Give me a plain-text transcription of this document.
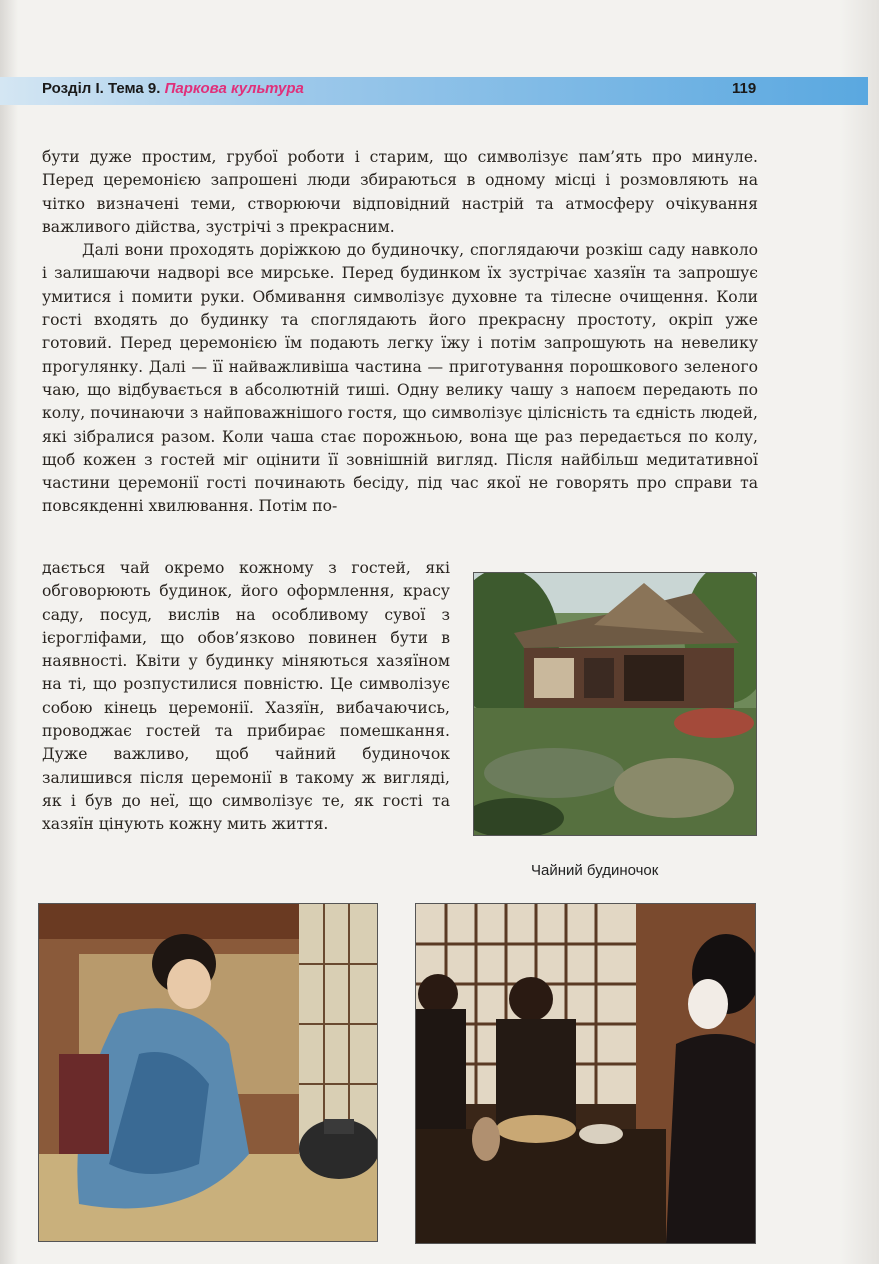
Розділ I. Тема 9. Паркова культура	119

бути дуже простим, грубої роботи і старим, що символізує пам’ять про минуле. Перед церемонією запрошені люди збираються в одному місці і розмовляють на чітко визначені теми, створюючи відповідний настрій та атмосферу очікування важливого дійства, зустрічі з прекрасним.

Далі вони проходять доріжкою до будиночку, споглядаючи розкіш саду навколо і залишаючи надворі все мирське. Перед будинком їх зустрічає хазяїн та запрошує умитися і помити руки. Обмивання символізує духовне та тілесне очищення. Коли гості входять до будинку та споглядають його прекрасну простоту, окріп уже готовий. Перед церемонією їм подають легку їжу і потім запрошують на невелику прогулянку. Далі — її найважливіша частина — приготування порошкового зеленого чаю, що відбувається в абсолютній тиші. Одну велику чашу з напоєм передають по колу, починаючи з найповажнішого гостя, що символізує цілісність та єдність людей, які зібралися разом. Коли чаша стає порожньою, вона ще раз передається по колу, щоб кожен з гостей міг оцінити її зовнішній вигляд. Після найбільш медитативної частини церемонії гості починають бесіду, під час якої не говорять про справи та повсякденні хвилювання. Потім по-

дається чай окремо кожному з гостей, які обговорюють будинок, його оформлення, красу саду, посуд, вислів на особливому сувої з ієрогліфами, що обов’язково повинен бути в наявності. Квіти у будинку міняються хазяїном на ті, що розпустилися повністю. Це символізує собою кінець церемонії. Хазяїн, вибачаючись, проводжає гостей та прибирає помешкання. Дуже важливо, щоб чайний будиночок залишився після церемонії в такому ж вигляді, як і був до неї, що символізує те, як гості та хазяїн цінують кожну мить життя.

Чайний будиночок
